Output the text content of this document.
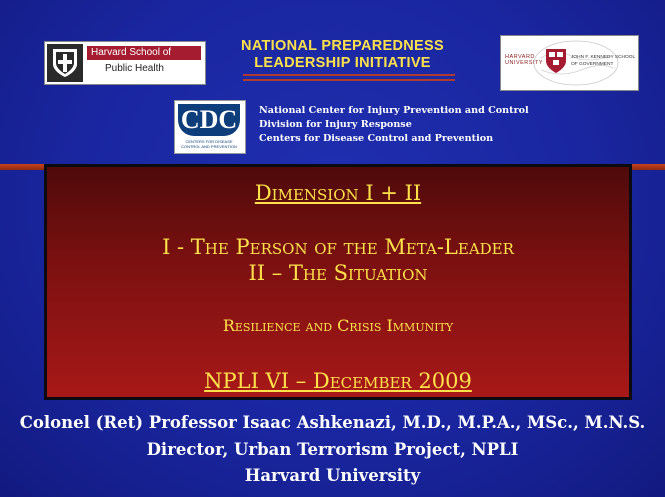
Harvard School of
Public Health
NATIONAL PREPAREDNESS
LEADERSHIP INITIATIVE	HARVARD UNIVERSITY
JOHN F. KENNEDY SCHOOL OF GOVERNMENT
CDC
CENTERS FOR DISEASE CONTROL AND PREVENTION
National Center for Injury Prevention and Control
Division for Injury Response
Centers for Disease Control and Prevention
Dimension I + II
I - The Person of the Meta-Leader
II – The Situation
Resilience and Crisis Immunity
NPLI VI – December 2009
Colonel (Ret) Professor Isaac Ashkenazi, M.D., M.P.A., MSc., M.N.S.
Director, Urban Terrorism Project, NPLI
Harvard University
